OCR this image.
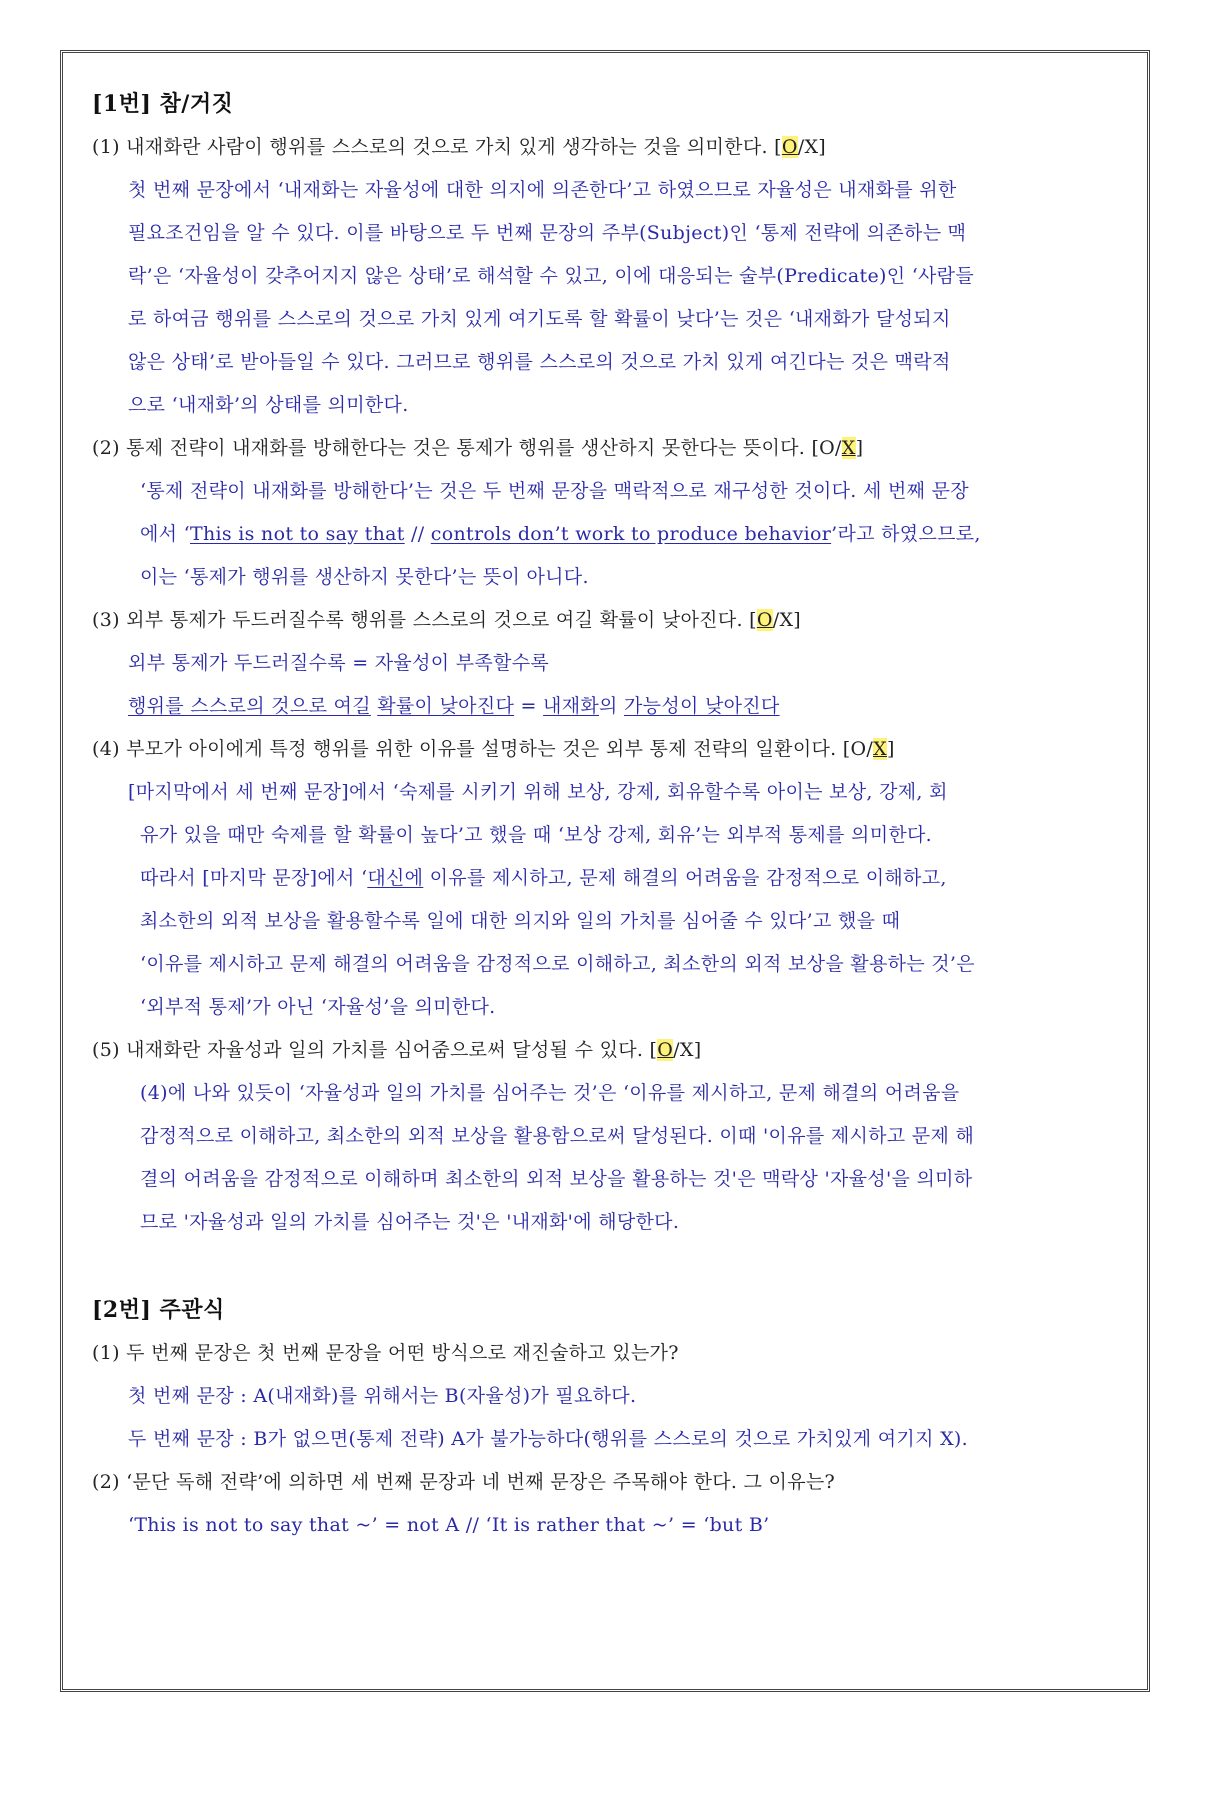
[1번] 참/거짓
(1) 내재화란 사람이 행위를 스스로의 것으로 가치 있게 생각하는 것을 의미한다. [O/X]
첫 번째 문장에서 ‘내재화는 자율성에 대한 의지에 의존한다’고 하였으므로 자율성은 내재화를 위한
필요조건임을 알 수 있다. 이를 바탕으로 두 번째 문장의 주부(Subject)인 ‘통제 전략에 의존하는 맥
락’은 ‘자율성이 갖추어지지 않은 상태’로 해석할 수 있고, 이에 대응되는 술부(Predicate)인 ‘사람들
로 하여금 행위를 스스로의 것으로 가치 있게 여기도록 할 확률이 낮다’는 것은 ‘내재화가 달성되지
않은 상태’로 받아들일 수 있다. 그러므로 행위를 스스로의 것으로 가치 있게 여긴다는 것은 맥락적
으로 ‘내재화’의 상태를 의미한다.
(2) 통제 전략이 내재화를 방해한다는 것은 통제가 행위를 생산하지 못한다는 뜻이다. [O/X]
‘통제 전략이 내재화를 방해한다’는 것은 두 번째 문장을 맥락적으로 재구성한 것이다. 세 번째 문장
에서 ‘This is not to say that // controls don’t work to produce behavior’라고 하였으므로,
이는 ‘통제가 행위를 생산하지 못한다’는 뜻이 아니다.
(3) 외부 통제가 두드러질수록 행위를 스스로의 것으로 여길 확률이 낮아진다. [O/X]
외부 통제가 두드러질수록 = 자율성이 부족할수록
행위를 스스로의 것으로 여길 확률이 낮아진다 = 내재화의 가능성이 낮아진다
(4) 부모가 아이에게 특정 행위를 위한 이유를 설명하는 것은 외부 통제 전략의 일환이다. [O/X]
[마지막에서 세 번째 문장]에서 ‘숙제를 시키기 위해 보상, 강제, 회유할수록 아이는 보상, 강제, 회
유가 있을 때만 숙제를 할 확률이 높다’고 했을 때 ‘보상 강제, 회유’는 외부적 통제를 의미한다.
따라서 [마지막 문장]에서 ‘대신에 이유를 제시하고, 문제 해결의 어려움을 감정적으로 이해하고,
최소한의 외적 보상을 활용할수록 일에 대한 의지와 일의 가치를 심어줄 수 있다’고 했을 때
‘이유를 제시하고 문제 해결의 어려움을 감정적으로 이해하고, 최소한의 외적 보상을 활용하는 것’은
‘외부적 통제’가 아닌 ‘자율성’을 의미한다.
(5) 내재화란 자율성과 일의 가치를 심어줌으로써 달성될 수 있다. [O/X]
(4)에 나와 있듯이 ‘자율성과 일의 가치를 심어주는 것’은 ‘이유를 제시하고, 문제 해결의 어려움을
감정적으로 이해하고, 최소한의 외적 보상을 활용함으로써 달성된다. 이때 '이유를 제시하고 문제 해
결의 어려움을 감정적으로 이해하며 최소한의 외적 보상을 활용하는 것'은 맥락상 '자율성'을 의미하
므로 '자율성과 일의 가치를 심어주는 것'은 '내재화'에 해당한다.
[2번] 주관식
(1) 두 번째 문장은 첫 번째 문장을 어떤 방식으로 재진술하고 있는가?
첫 번째 문장 : A(내재화)를 위해서는 B(자율성)가 필요하다.
두 번째 문장 : B가 없으면(통제 전략) A가 불가능하다(행위를 스스로의 것으로 가치있게 여기지 X).
(2) ‘문단 독해 전략’에 의하면 세 번째 문장과 네 번째 문장은 주목해야 한다. 그 이유는?
‘This is not to say that ~’ = not A // ‘It is rather that ~’ = ‘but B’
